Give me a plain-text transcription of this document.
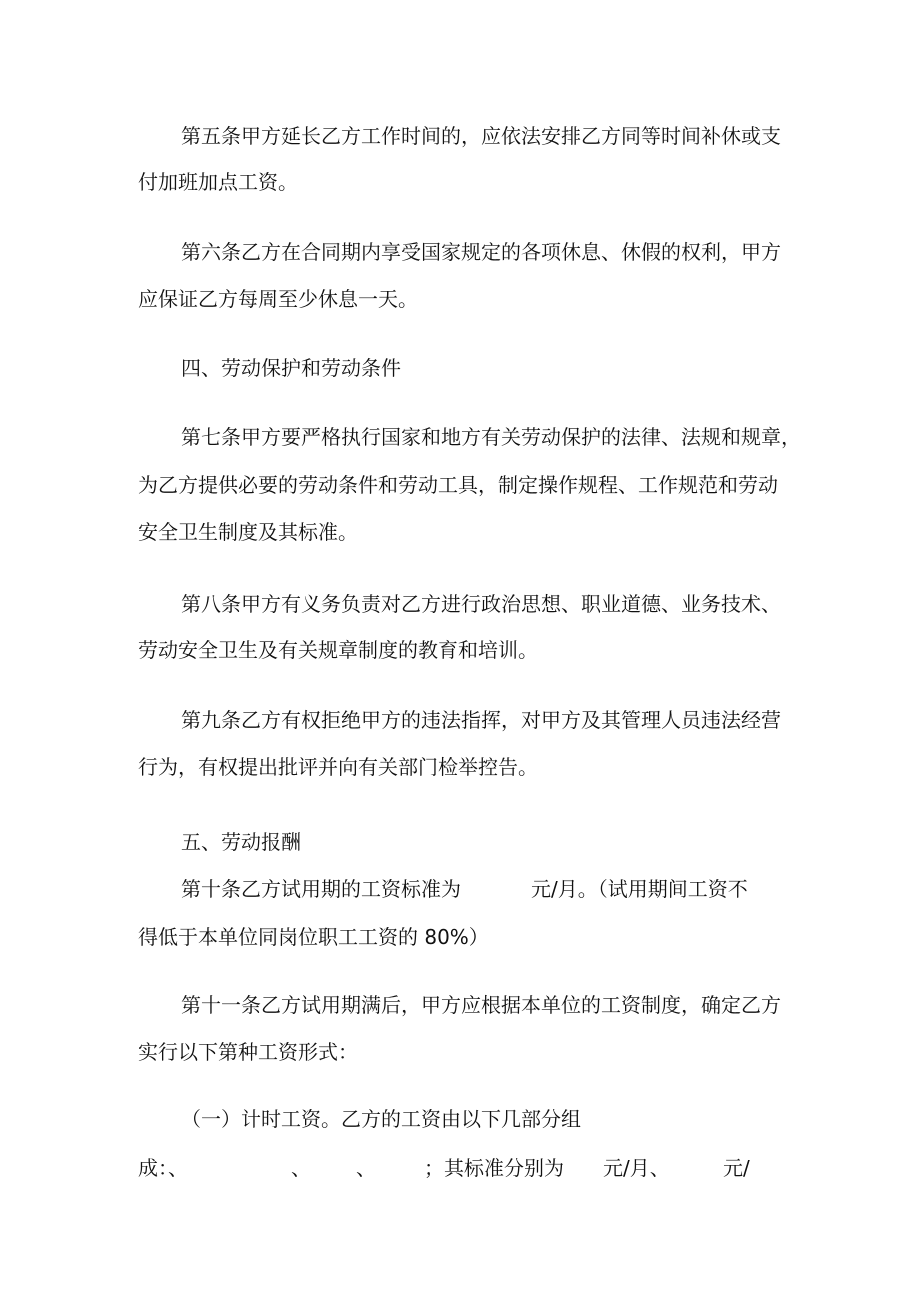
第五条甲方延长乙方工作时间的，应依法安排乙方同等时间补休或支

付加班加点工资。

第六条乙方在合同期内享受国家规定的各项休息、休假的权利，甲方

应保证乙方每周至少休息一天。

四、劳动保护和劳动条件

第七条甲方要严格执行国家和地方有关劳动保护的法律、法规和规章，

为乙方提供必要的劳动条件和劳动工具，制定操作规程、工作规范和劳动

安全卫生制度及其标准。

第八条甲方有义务负责对乙方进行政治思想、职业道德、业务技术、

劳动安全卫生及有关规章制度的教育和培训。

第九条乙方有权拒绝甲方的违法指挥，对甲方及其管理人员违法经营

行为，有权提出批评并向有关部门检举控告。

五、劳动报酬

第十条乙方试用期的工资标准为	元/月。（试用期间工资不

得低于本单位同岗位职工工资的 80%）

第十一条乙方试用期满后，甲方应根据本单位的工资制度，确定乙方

实行以下第种工资形式：

（一）计时工资。乙方的工资由以下几部分组

成：、	、 、 ；其标准分别为 元/月、	元/
